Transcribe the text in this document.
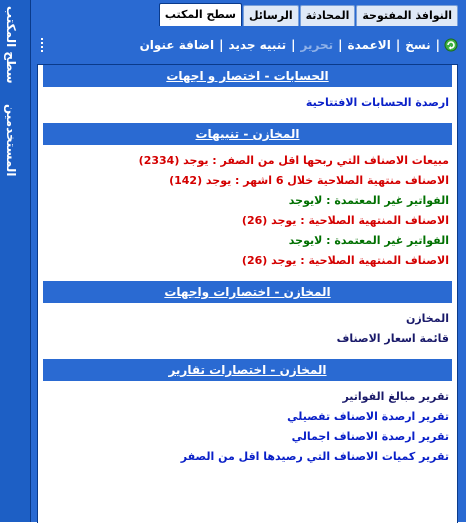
سطح المكتب
المستخدمين
سطح المكتب	الرسائل	المحادثة	النوافذ المفتوحة
|
نسخ
|
الاعمدة
|
تحرير
|
تنبيه جديد
|
اضافة عنوان
الحسابات - اختصار و اجهات
ارصدة الحسابات الافتتاحية
المخازن - تنبيهات
مبيعات الاصناف التي ربحها اقل من الصفر : يوجد (2334)
الاصناف منتهية الصلاحية خلال 6 اشهر : يوجد (142)
الفواتير غير المعتمدة : لايوجد
الاصناف المنتهية الصلاحية : يوجد (26)
الفواتير غير المعتمدة : لايوجد
الاصناف المنتهية الصلاحية : يوجد (26)
المخازن - اختصارات واجهات
المخازن
قائمة اسعار الاصناف
المخازن - اختصارات تقارير
تقرير مبالغ الفواتير
تقرير ارصدة الاصناف تفصيلي
تقرير ارصدة الاصناف اجمالي
تقرير كميات الاصناف التي رصيدها اقل من الصفر
